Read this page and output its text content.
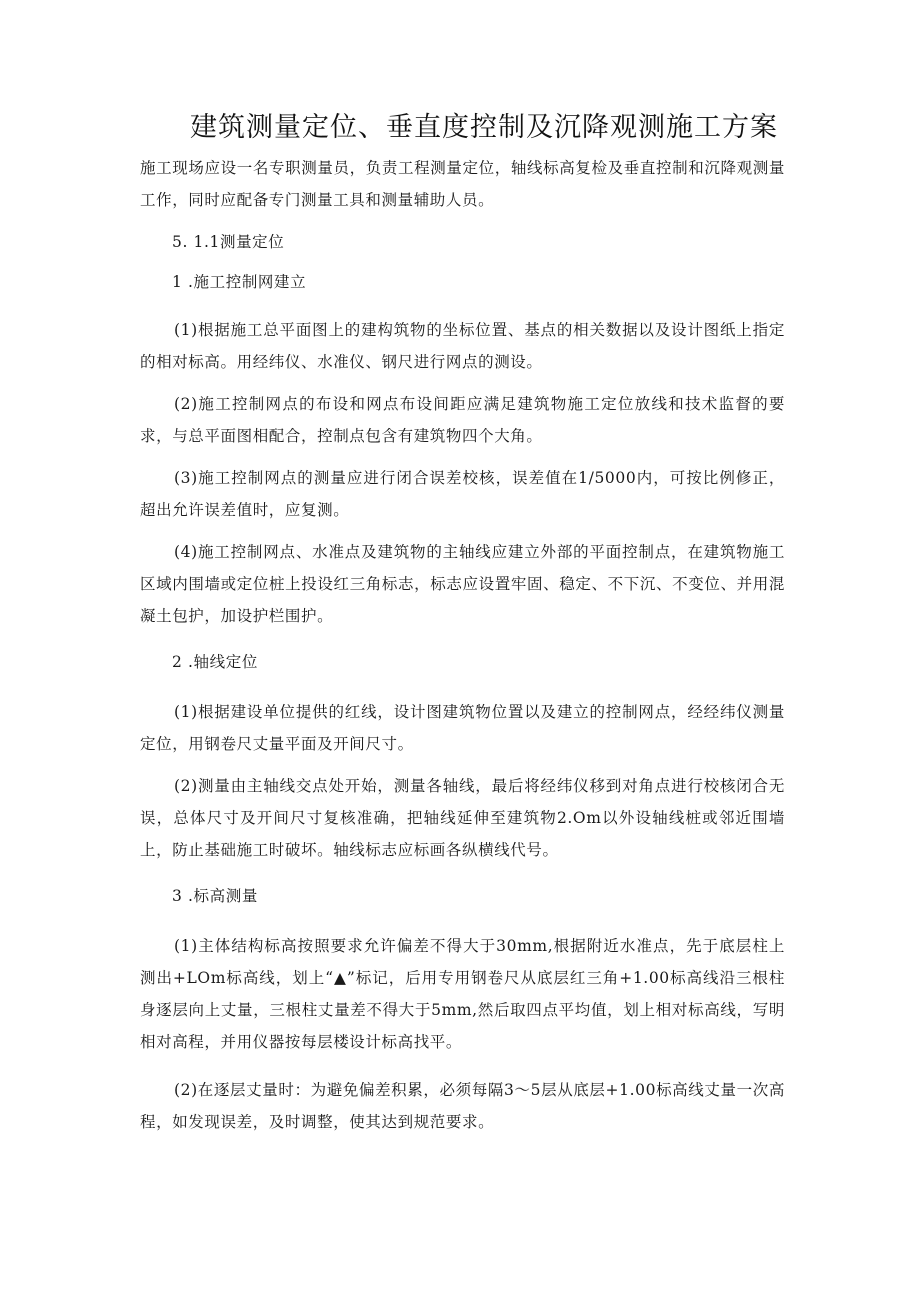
建筑测量定位、垂直度控制及沉降观测施工方案
施工现场应设一名专职测量员，负责工程测量定位，轴线标高复检及垂直控制和沉降观测量工作，同时应配备专门测量工具和测量辅助人员。
5. 1.1测量定位
1 .施工控制网建立
(1)根据施工总平面图上的建构筑物的坐标位置、基点的相关数据以及设计图纸上指定的相对标高。用经纬仪、水准仪、钢尺进行网点的测设。
(2)施工控制网点的布设和网点布设间距应满足建筑物施工定位放线和技术监督的要求，与总平面图相配合，控制点包含有建筑物四个大角。
(3)施工控制网点的测量应进行闭合误差校核，误差值在1/5000内，可按比例修正，超出允许误差值时，应复测。
(4)施工控制网点、水准点及建筑物的主轴线应建立外部的平面控制点，在建筑物施工区域内围墙或定位桩上投设红三角标志，标志应设置牢固、稳定、不下沉、不变位、并用混凝土包护，加设护栏围护。
2 .轴线定位
(1)根据建设单位提供的红线，设计图建筑物位置以及建立的控制网点，经经纬仪测量定位，用钢卷尺丈量平面及开间尺寸。
(2)测量由主轴线交点处开始，测量各轴线，最后将经纬仪移到对角点进行校核闭合无误，总体尺寸及开间尺寸复核准确，把轴线延伸至建筑物2.Om以外设轴线桩或邻近围墙上，防止基础施工时破坏。轴线标志应标画各纵横线代号。
3 .标高测量
(1)主体结构标高按照要求允许偏差不得大于30mm,根据附近水准点，先于底层柱上测出+LOm标高线，划上“▲”标记，后用专用钢卷尺从底层红三角+1.00标高线沿三根柱身逐层向上丈量，三根柱丈量差不得大于5mm,然后取四点平均值，划上相对标高线，写明相对高程，并用仪器按每层楼设计标高找平。
(2)在逐层丈量时：为避免偏差积累，必须每隔3～5层从底层+1.00标高线丈量一次高程，如发现误差，及时调整，使其达到规范要求。
